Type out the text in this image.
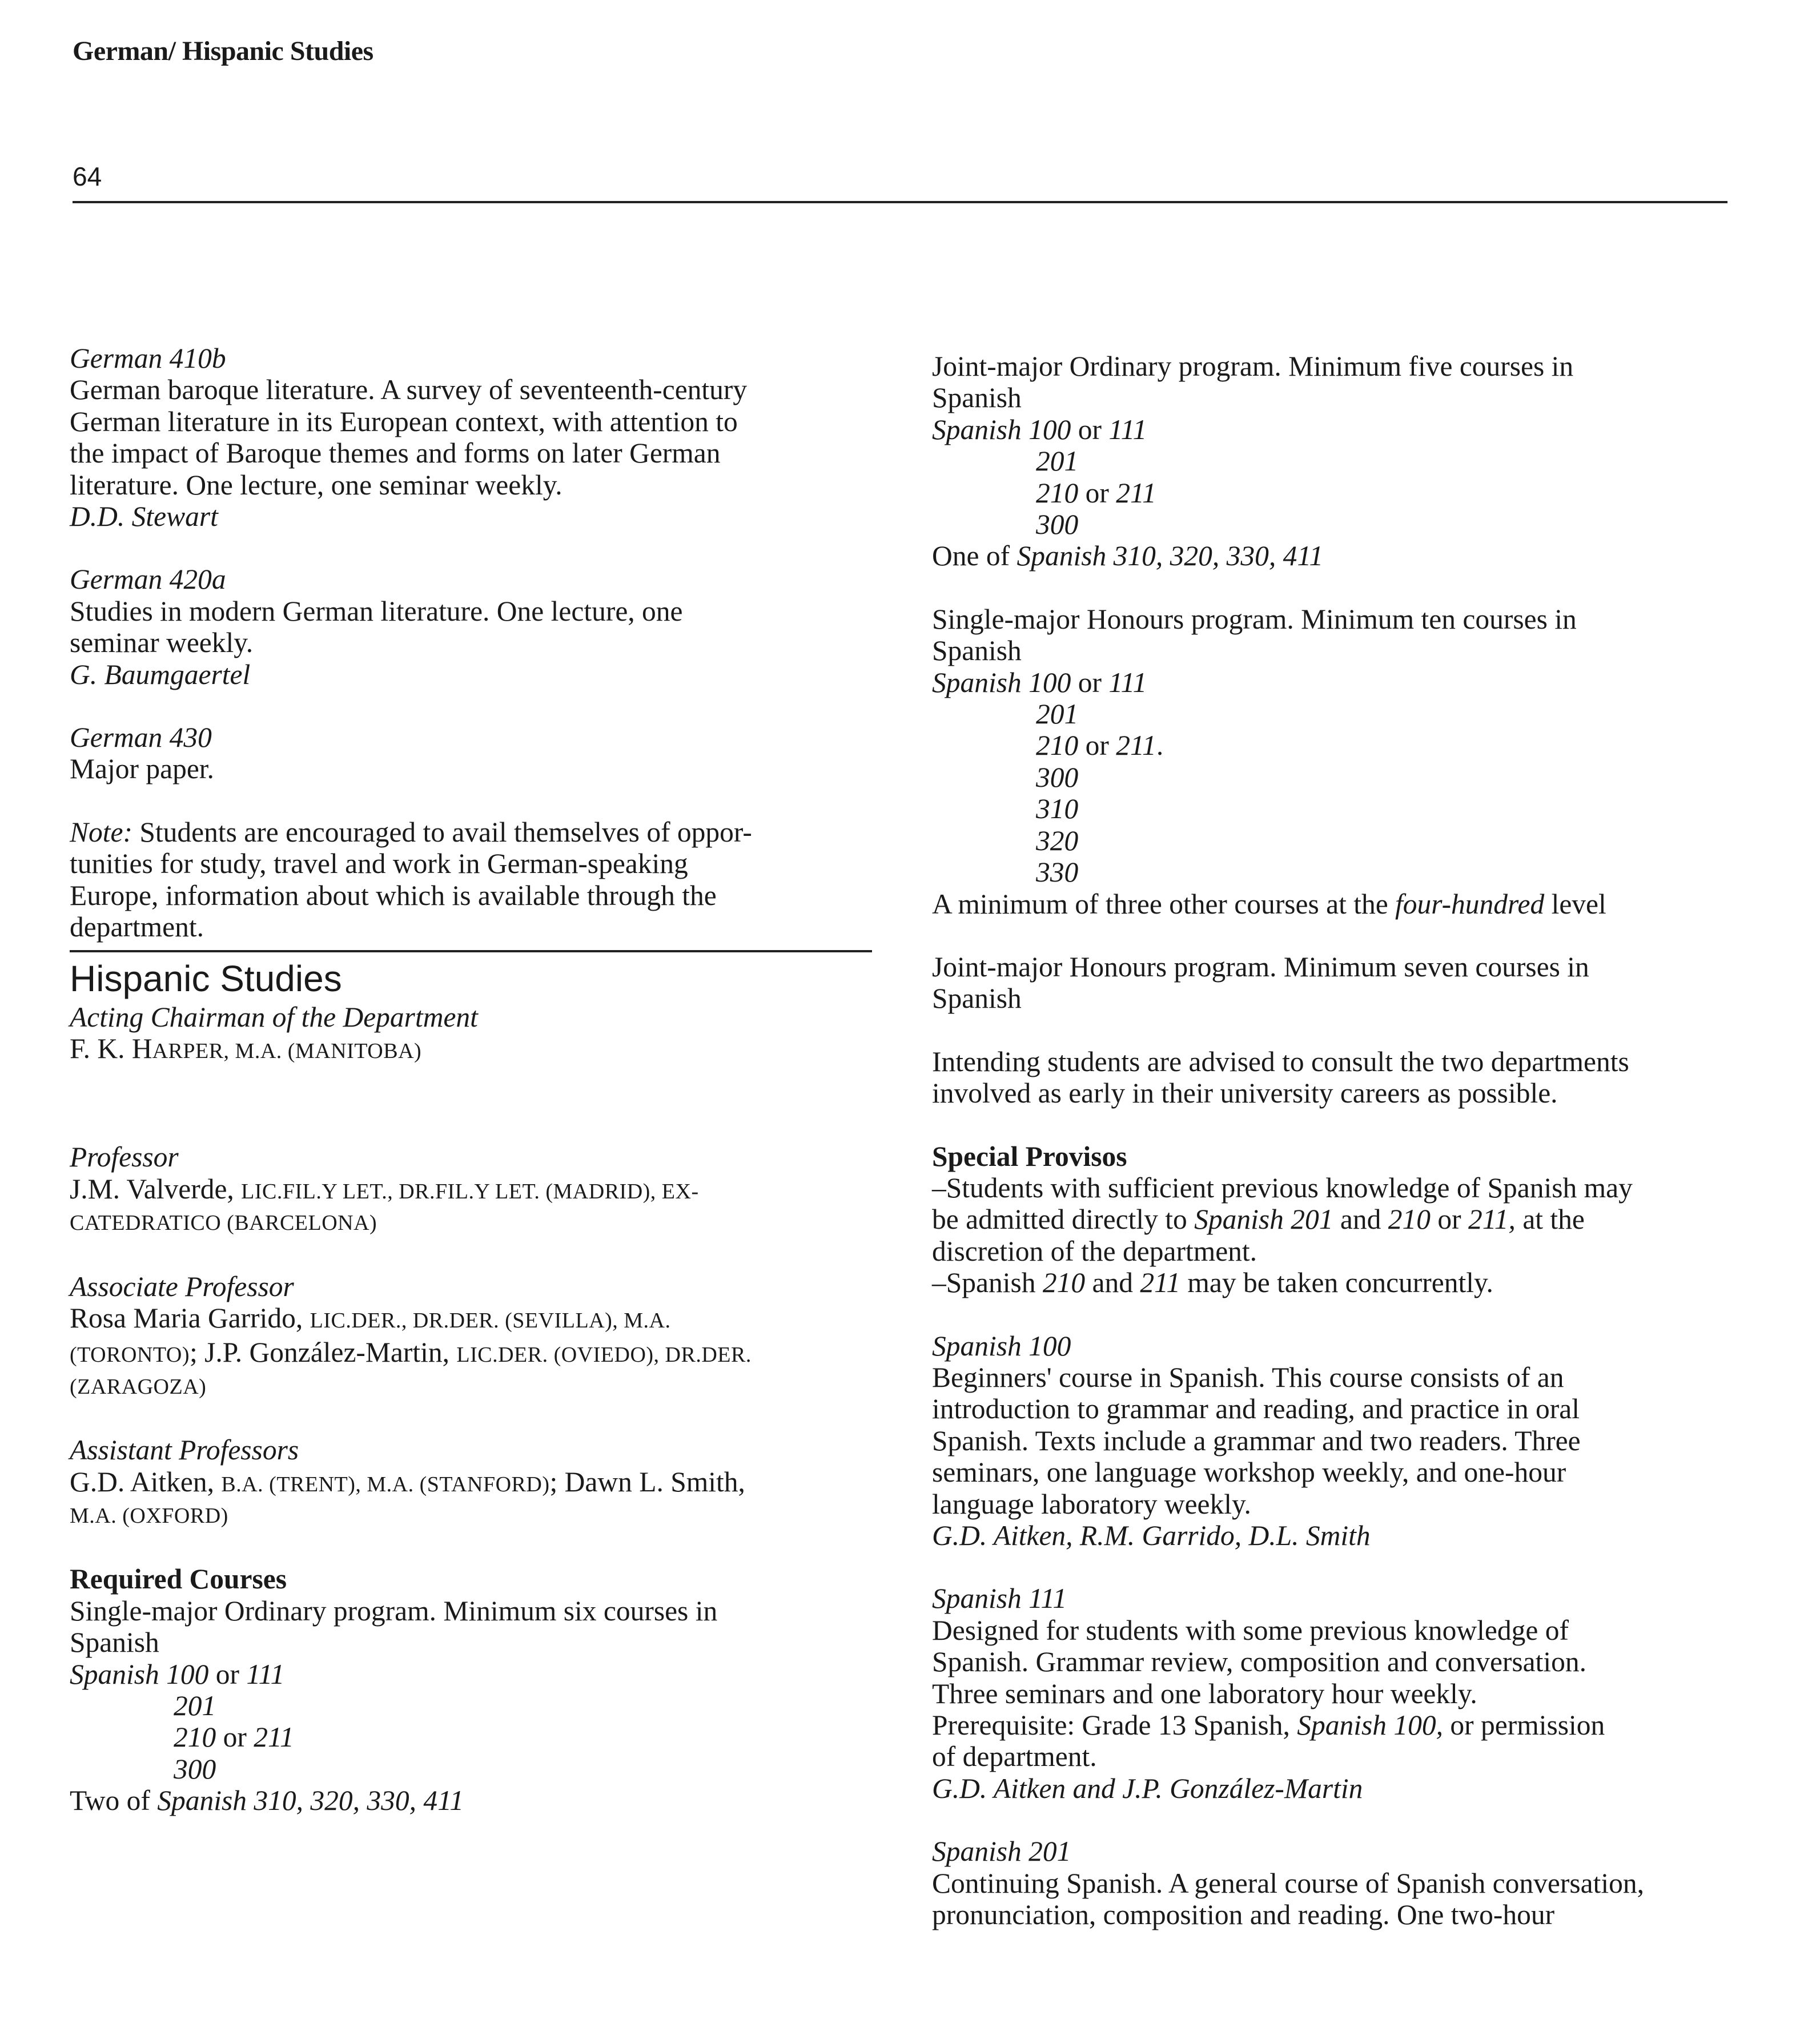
German/ Hispanic Studies
64

German 410b

German baroque literature. A survey of seventeenth-century

German literature in its European context, with attention to

the impact of Baroque themes and forms on later German

literature. One lecture, one seminar weekly.

D.D. Stewart

German 420a

Studies in modern German literature. One lecture, one

seminar weekly.

G. Baumgaertel

German 430

Major paper.

Note: Students are encouraged to avail themselves of oppor-

tunities for study, travel and work in German-speaking

Europe, information about which is available through the

department.

Hispanic Studies

Acting Chairman of the Department

F. K. HARPER, M.A. (MANITOBA)

Professor

J.M. Valverde, LIC.FIL.Y LET., DR.FIL.Y LET. (MADRID), EX-

CATEDRATICO (BARCELONA)

Associate Professor

Rosa Maria Garrido, LIC.DER., DR.DER. (SEVILLA), M.A.

(TORONTO); J.P. González-Martin, LIC.DER. (OVIEDO), DR.DER.

(ZARAGOZA)

Assistant Professors

G.D. Aitken, B.A. (TRENT), M.A. (STANFORD); Dawn L. Smith,

M.A. (OXFORD)

Required Courses

Single-major Ordinary program. Minimum six courses in

Spanish

Spanish 100 or 111

201

210 or 211

300

Two of Spanish 310, 320, 330, 411

Joint-major Ordinary program. Minimum five courses in

Spanish

Spanish 100 or 111

201

210 or 211

300

One of Spanish 310, 320, 330, 411

Single-major Honours program. Minimum ten courses in

Spanish

Spanish 100 or 111

201

210 or 211.

300

310

320

330

A minimum of three other courses at the four-hundred level

Joint-major Honours program. Minimum seven courses in

Spanish

Intending students are advised to consult the two departments

involved as early in their university careers as possible.

Special Provisos

–Students with sufficient previous knowledge of Spanish may

be admitted directly to Spanish 201 and 210 or 211, at the

discretion of the department.

–Spanish 210 and 211 may be taken concurrently.

Spanish 100

Beginners' course in Spanish. This course consists of an

introduction to grammar and reading, and practice in oral

Spanish. Texts include a grammar and two readers. Three

seminars, one language workshop weekly, and one-hour

language laboratory weekly.

G.D. Aitken, R.M. Garrido, D.L. Smith

Spanish 111

Designed for students with some previous knowledge of

Spanish. Grammar review, composition and conversation.

Three seminars and one laboratory hour weekly.

Prerequisite: Grade 13 Spanish, Spanish 100, or permission

of department.

G.D. Aitken and J.P. González-Martin

Spanish 201

Continuing Spanish. A general course of Spanish conversation,

pronunciation, composition and reading. One two-hour
